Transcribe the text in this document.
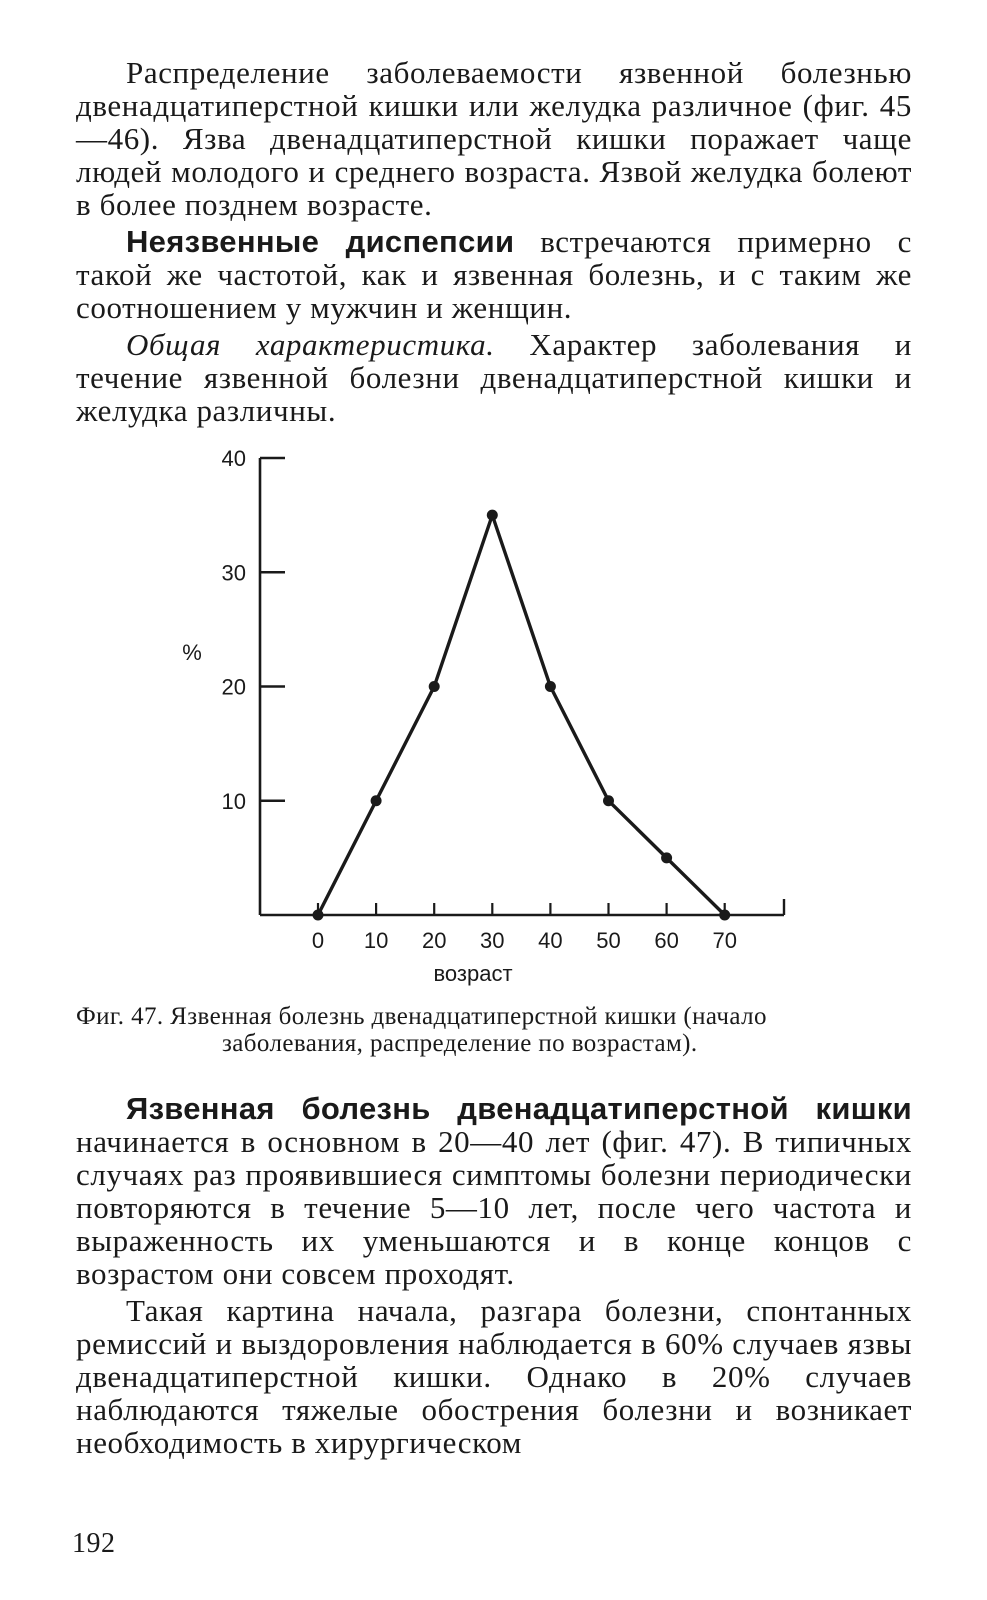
Распределение заболеваемости язвенной болезнью двенадцатиперстной кишки или желудка различное (фиг. 45—46). Язва двенадцатиперстной кишки поражает чаще людей молодого и среднего возраста. Язвой желудка болеют в более позднем возрасте.

Неязвенные диспепсии встречаются примерно с такой же частотой, как и язвенная болезнь, и с таким же соотношением у мужчин и женщин.

Общая характеристика. Характер заболевания и течение язвенной болезни двенадцатиперстной кишки и желудка различны.

10
20
30
40
0 10 20 30 40 50 60 70
%
возраст
Фиг. 47. Язвенная болезнь двенадцатиперстной кишки (начало
заболевания, распределение по возрастам).

Язвенная болезнь двенадцатиперстной кишки начинается в основном в 20—40 лет (фиг. 47). В типичных случаях раз проявившиеся симптомы болезни периодически повторяются в течение 5—10 лет, после чего частота и выраженность их уменьшаются и в конце концов с возрастом они совсем проходят.

Такая картина начала, разгара болезни, спонтанных ремиссий и выздоровления наблюдается в 60% случаев язвы двенадцатиперстной кишки. Однако в 20% случаев наблюдаются тяжелые обострения болезни и возникает необходимость в хирургическом

192
